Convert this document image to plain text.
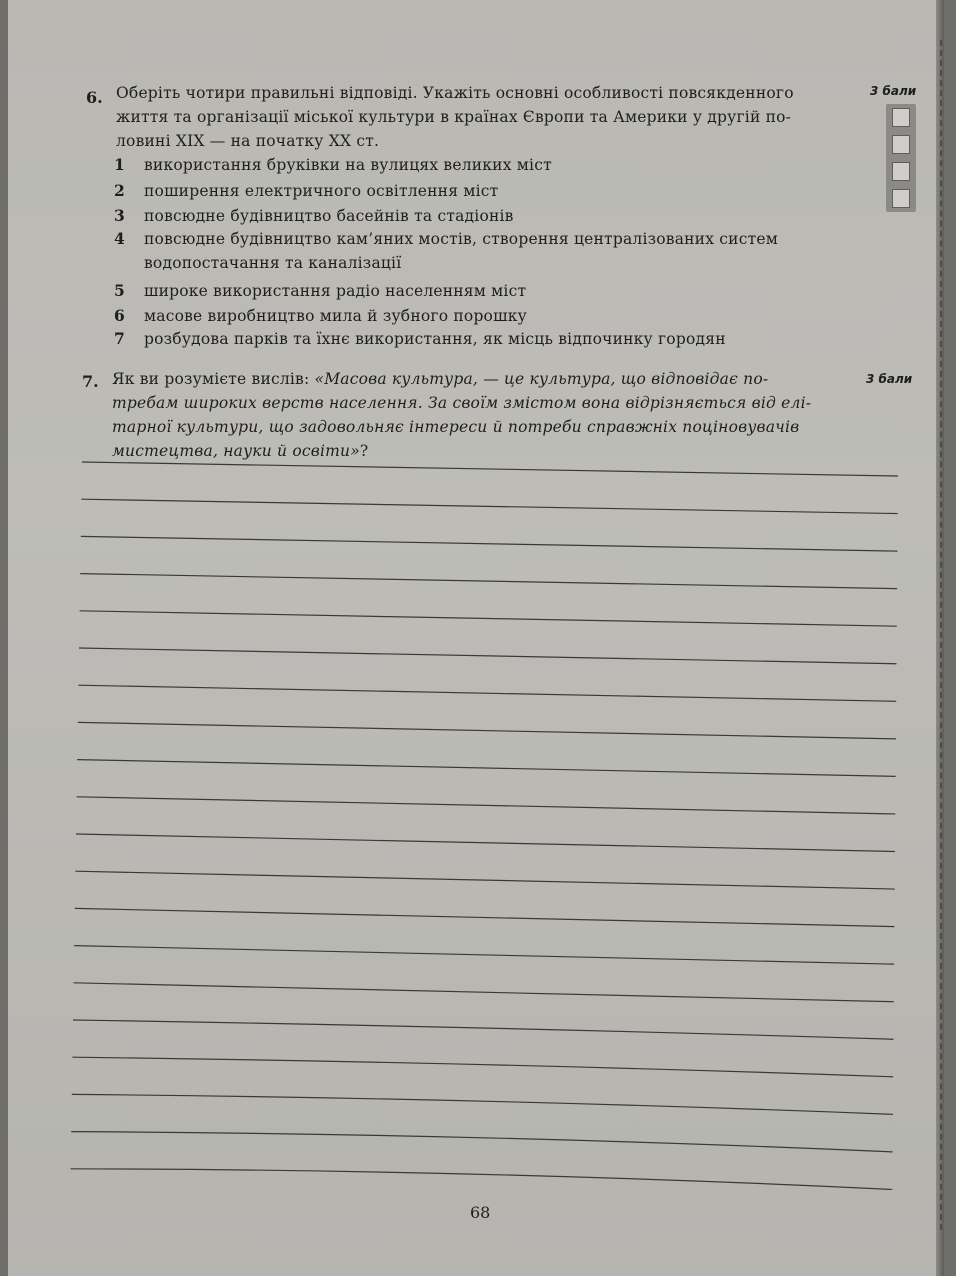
6. Оберіть чотири правильні відповіді. Укажіть основні особливості повсякденного
життя та організації міської культури в країнах Європи та Америки у другій по-
ловині XIX — на початку XX ст.
3 бали
1 використання бруківки на вулицях великих міст
2 поширення електричного освітлення міст
3 повсюдне будівництво басейнів та стадіонів
4 повсюдне будівництво кам’яних мостів, створення централізованих систем
водопостачання та каналізації
5 широке використання радіо населенням міст
6 масове виробництво мила й зубного порошку
7 розбудова парків та їхнє використання, як місць відпочинку городян
7. Як ви розумієте вислів: «Масова культура, — це культура, що відповідає по-
требам широких верств населення. За своїм змістом вона відрізняється від елі-
тарної культури, що задовольняє інтереси й потреби справжніх поціновувачів
мистецтва, науки й освіти»?
3 бали
68
